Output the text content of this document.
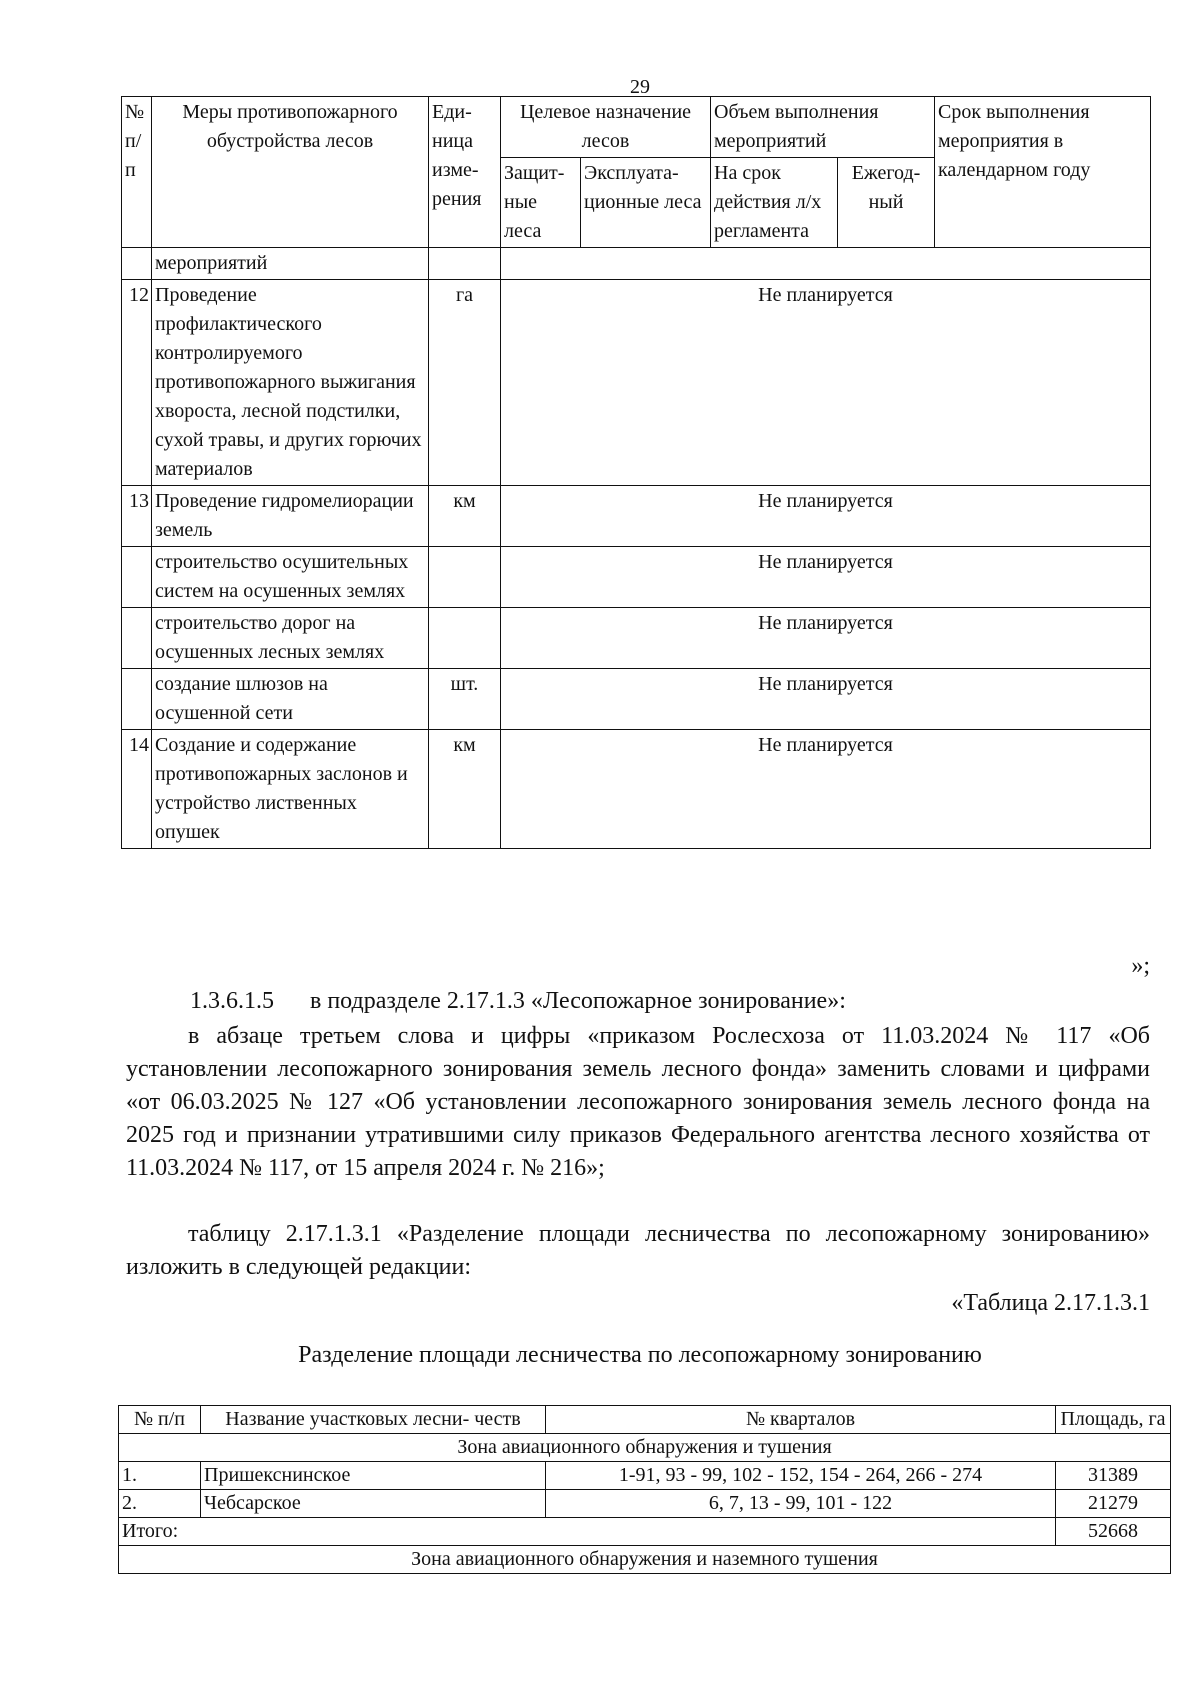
29
№ п/п	Меры противопожарного обустройства лесов	Еди- ница изме- рения	Целевое назначение лесов		Объем выполнения мероприятий		Срок выполнения мероприятия в календарном году
			Защит- ные леса	Эксплуата- ционные леса	На срок действия л/х регламента	Ежегод- ный	
	мероприятий						
12	Проведение профилактического контролируемого противопожарного выжигания хвороста, лесной подстилки, сухой травы, и других горючих материалов	га	Не планируется				
13	Проведение гидромелиорации земель	км	Не планируется				
	строительство осушительных систем на осушенных землях		Не планируется				
	строительство дорог на осушенных лесных землях		Не планируется				
	создание шлюзов на осушенной сети	шт.	Не планируется				
14	Создание и содержание противопожарных заслонов и устройство лиственных опушек	км	Не планируется				
»;
1.3.6.1.5 в подразделе 2.17.1.3 «Лесопожарное зонирование»:
в абзаце третьем слова и цифры «приказом Рослесхоза от 11.03.2024 № 117 «Об установлении лесопожарного зонирования земель лесного фонда» заменить словами и цифрами «от 06.03.2025 № 127 «Об установлении лесопожарного зонирования земель лесного фонда на 2025 год и признании утратившими силу приказов Федерального агентства лесного хозяйства от 11.03.2024 № 117, от 15 апреля 2024 г. № 216»;
таблицу 2.17.1.3.1 «Разделение площади лесничества по лесопожарному зонированию» изложить в следующей редакции:
«Таблица 2.17.1.3.1
Разделение площади лесничества по лесопожарному зонированию
№ п/п	Название участковых лесни- честв	№ кварталов	Площадь, га
Зона авиационного обнаружения и тушения			
1.	Пришекснинское	1-91, 93 - 99, 102 - 152, 154 - 264, 266 - 274	31389
2.	Чебсарское	6, 7, 13 - 99, 101 - 122	21279
Итого:			52668
Зона авиационного обнаружения и наземного тушения			
